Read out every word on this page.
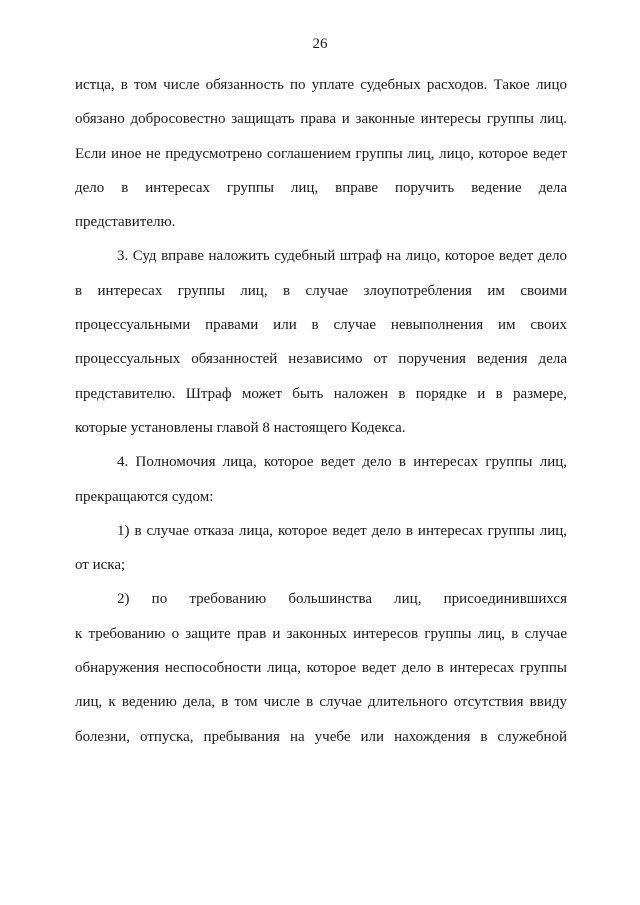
26
истца, в том числе обязанность по уплате судебных расходов. Такое лицо
обязано добросовестно защищать права и законные интересы группы лиц.
Если иное не предусмотрено соглашением группы лиц, лицо, которое ведет
дело в интересах группы лиц, вправе поручить ведение дела
представителю.
3. Суд вправе наложить судебный штраф на лицо, которое ведет дело
в интересах группы лиц, в случае злоупотребления им своими
процессуальными правами или в случае невыполнения им своих
процессуальных обязанностей независимо от поручения ведения дела
представителю. Штраф может быть наложен в порядке и в размере,
которые установлены главой 8 настоящего Кодекса.
4. Полномочия лица, которое ведет дело в интересах группы лиц,
прекращаются судом:
1) в случае отказа лица, которое ведет дело в интересах группы лиц,
от иска;
2) по требованию большинства лиц, присоединившихся
к требованию о защите прав и законных интересов группы лиц, в случае
обнаружения неспособности лица, которое ведет дело в интересах группы
лиц, к ведению дела, в том числе в случае длительного отсутствия ввиду
болезни, отпуска, пребывания на учебе или нахождения в служебной
